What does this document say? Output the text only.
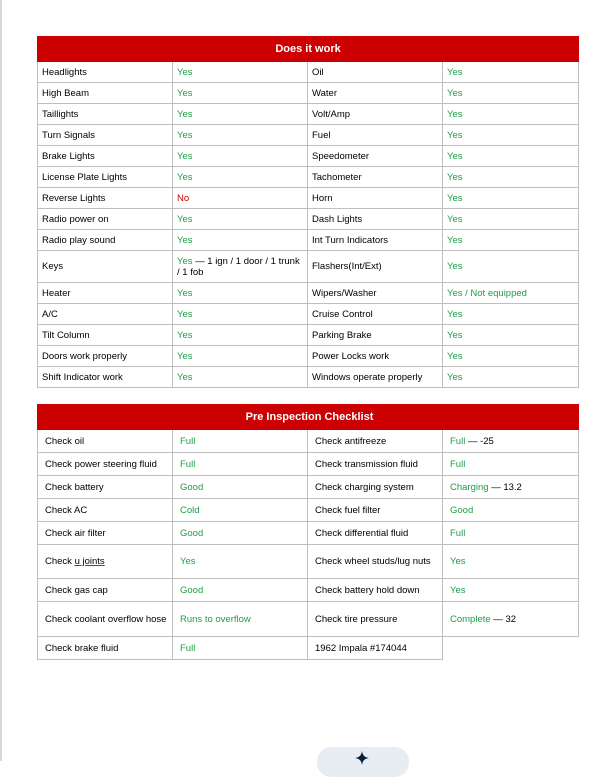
Does it work			
Headlights	Yes	Oil	Yes
High Beam	Yes	Water	Yes
Taillights	Yes	Volt/Amp	Yes
Turn Signals	Yes	Fuel	Yes
Brake Lights	Yes	Speedometer	Yes
License Plate Lights	Yes	Tachometer	Yes
Reverse Lights	No	Horn	Yes
Radio power on	Yes	Dash Lights	Yes
Radio play sound	Yes	Int Turn Indicators	Yes
Keys	Yes — 1 ign / 1 door / 1 trunk / 1 fob	Flashers(Int/Ext)	Yes
Heater	Yes	Wipers/Washer	Yes / Not equipped
A/C	Yes	Cruise Control	Yes
Tilt Column	Yes	Parking Brake	Yes
Doors work properly	Yes	Power Locks work	Yes
Shift Indicator work	Yes	Windows operate properly	Yes
Pre Inspection Checklist			
Check oil	Full	Check antifreeze	Full — -25
Check power steering fluid	Full	Check transmission fluid	Full
Check battery	Good	Check charging system	Charging — 13.2
Check AC	Cold	Check fuel filter	Good
Check air filter	Good	Check differential fluid	Full
Check u joints	Yes	Check wheel studs/lug nuts	Yes
Check gas cap	Good	Check battery hold down	Yes
Check coolant overflow hose	Runs to overflow	Check tire pressure	Complete — 32
Check brake fluid	Full	1962 Impala #174044	
